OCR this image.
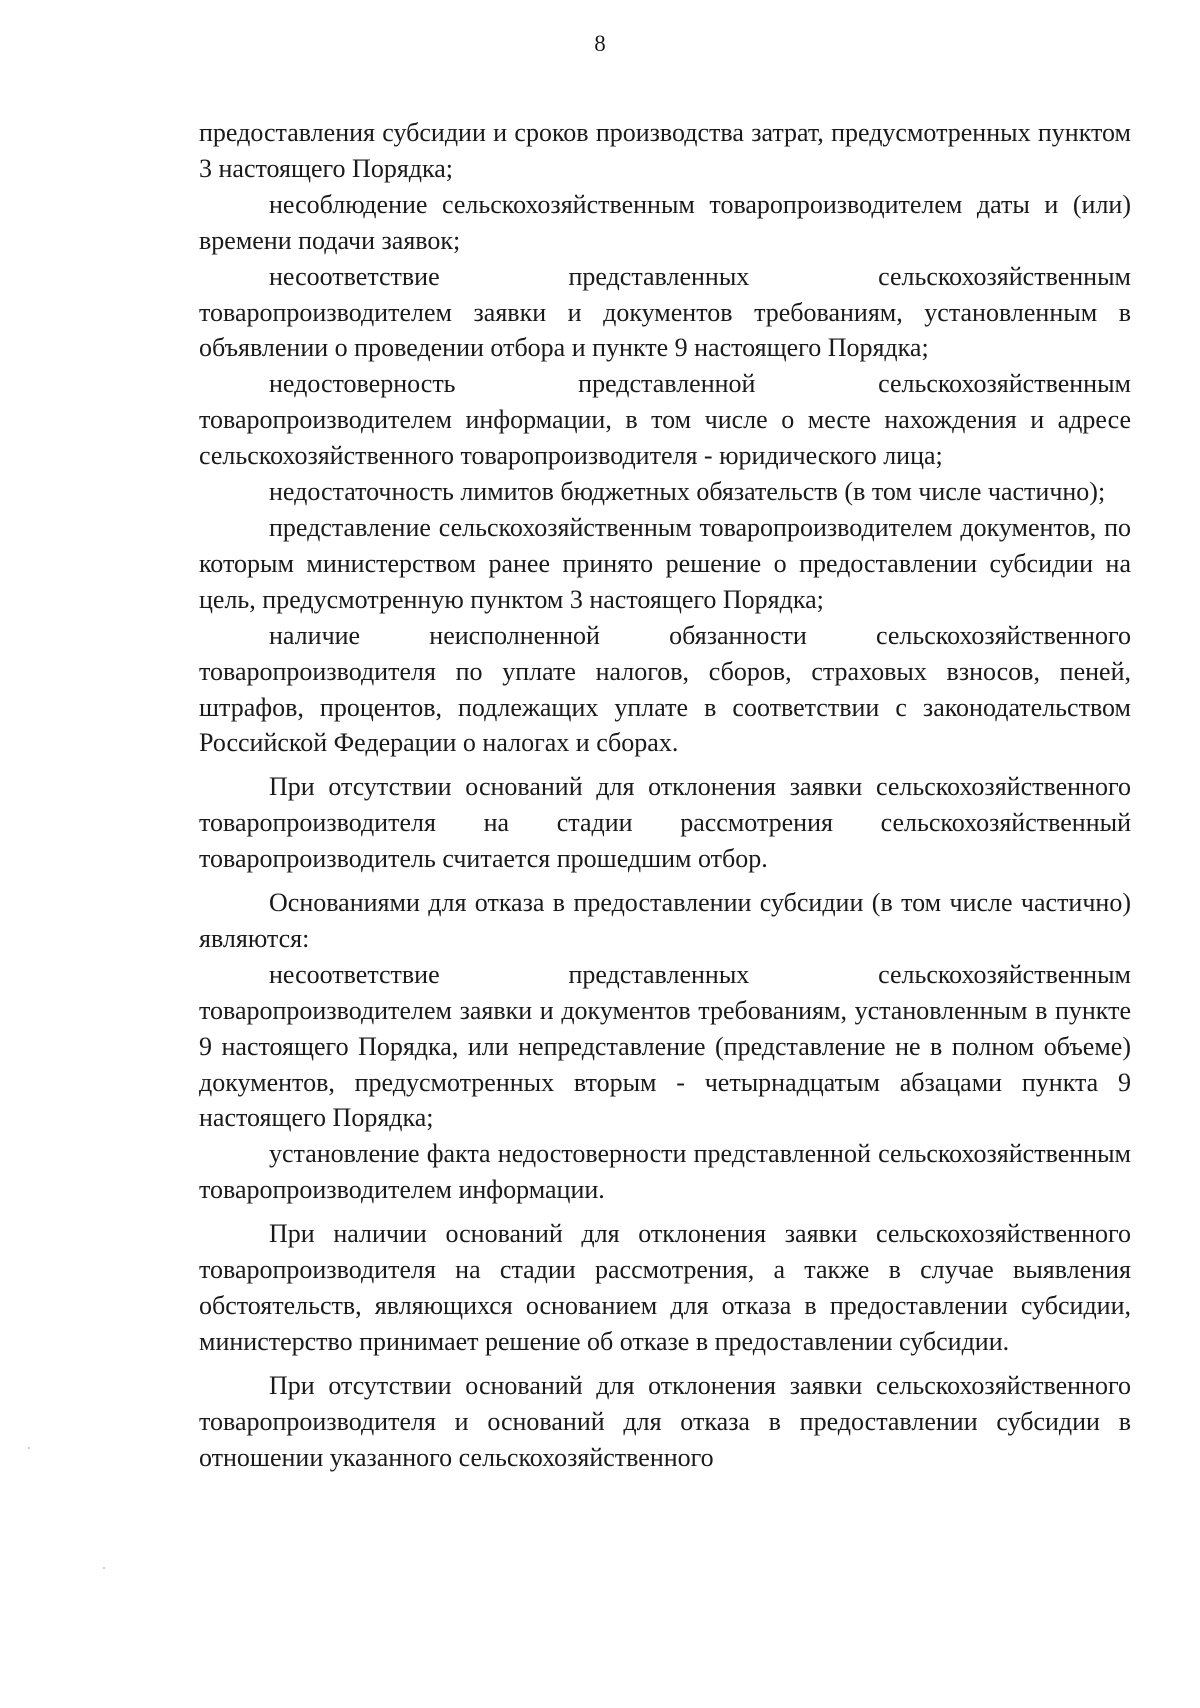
8

предоставления субсидии и сроков производства затрат, предусмотренных пунктом 3 настоящего Порядка;

несоблюдение сельскохозяйственным товаропроизводителем даты и (или) времени подачи заявок;

несоответствие представленных сельскохозяйственным товаропроизводителем заявки и документов требованиям, установленным в объявлении о проведении отбора и пункте 9 настоящего Порядка;

недостоверность представленной сельскохозяйственным товаропроизводителем информации, в том числе о месте нахождения и адресе сельскохозяйственного товаропроизводителя - юридического лица;

недостаточность лимитов бюджетных обязательств (в том числе частично);

представление сельскохозяйственным товаропроизводителем документов, по которым министерством ранее принято решение о предоставлении субсидии на цель, предусмотренную пунктом 3 настоящего Порядка;

наличие неисполненной обязанности сельскохозяйственного товаропроизводителя по уплате налогов, сборов, страховых взносов, пеней, штрафов, процентов, подлежащих уплате в соответствии с законодательством Российской Федерации о налогах и сборах.

При отсутствии оснований для отклонения заявки сельскохозяйственного товаропроизводителя на стадии рассмотрения сельскохозяйственный товаропроизводитель считается прошедшим отбор.

Основаниями для отказа в предоставлении субсидии (в том числе частично) являются:

несоответствие представленных сельскохозяйственным товаропроизводителем заявки и документов требованиям, установленным в пункте 9 настоящего Порядка, или непредставление (представление не в полном объеме) документов, предусмотренных вторым - четырнадцатым абзацами пункта 9 настоящего Порядка;

установление факта недостоверности представленной сельскохозяйственным товаропроизводителем информации.

При наличии оснований для отклонения заявки сельскохозяйственного товаропроизводителя на стадии рассмотрения, а также в случае выявления обстоятельств, являющихся основанием для отказа в предоставлении субсидии, министерство принимает решение об отказе в предоставлении субсидии.

При отсутствии оснований для отклонения заявки сельскохозяйственного товаропроизводителя и оснований для отказа в предоставлении субсидии в отношении указанного сельскохозяйственного
